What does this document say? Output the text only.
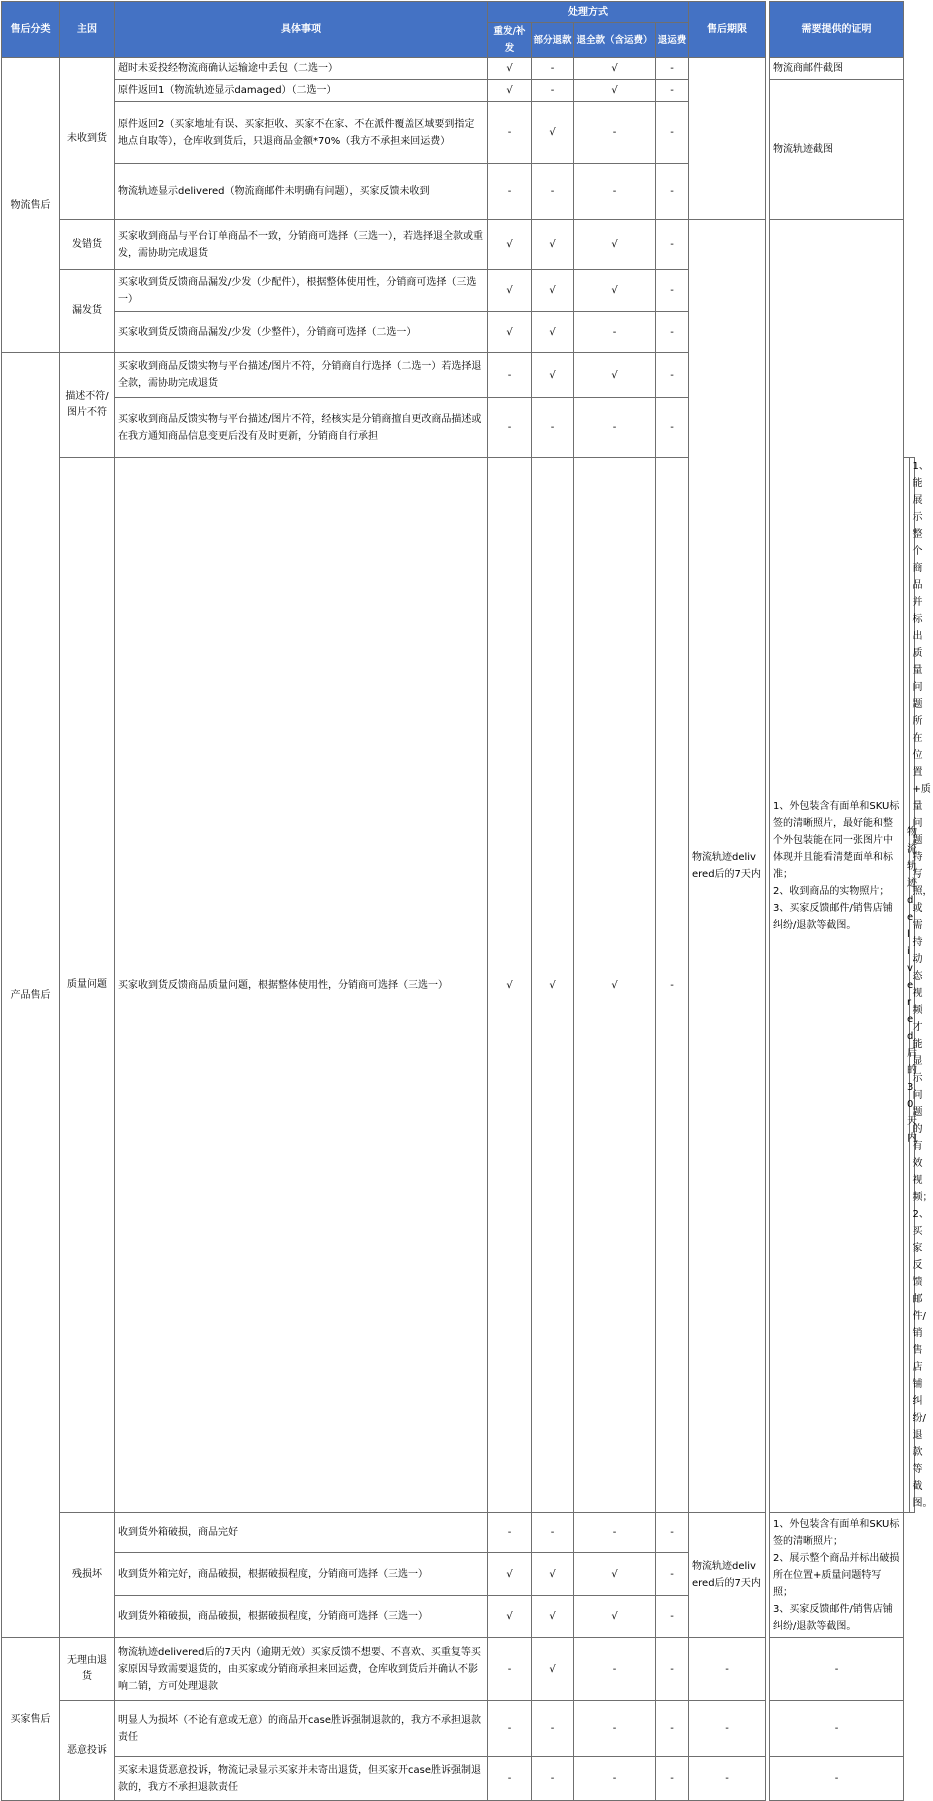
售后分类	主因	具体事项	处理方式				售后期限		需要提供的证明		
			重发/补发	部分退款	退全款（含运费）	退运费					
物流售后	未收到货	超时未妥投经物流商确认运输途中丢包（二选一）	√	-	√	-			物流商邮件截图		
		原件返回1（物流轨迹显示damaged）（二选一）	√	-	√	-			物流轨迹截图		
		原件返回2（买家地址有误、买家拒收、买家不在家、不在派件覆盖区域要到指定地点自取等），仓库收到货后，只退商品金额*70%（我方不承担来回运费）	-	√	-	-					
		物流轨迹显示delivered（物流商邮件未明确有问题），买家反馈未收到	-	-	-	-					
	发错货	买家收到商品与平台订单商品不一致，分销商可选择（三选一），若选择退全款或重发，需协助完成退货	√	√	√	-	物流轨迹delivered后的7天内		1、外包装含有面单和SKU标签的清晰照片，最好能和整个外包装能在同一张图片中体现并且能看清楚面单和标准；
2、收到商品的实物照片；
3、买家反馈邮件/销售店铺纠纷/退款等截图。		
	漏发货	买家收到货反馈商品漏发/少发（少配件），根据整体使用性，分销商可选择（三选一）	√	√	√	-					
		买家收到货反馈商品漏发/少发（少整件），分销商可选择（二选一）	√	√	-	-					
产品售后	描述不符/图片不符	买家收到商品反馈实物与平台描述/图片不符，分销商自行选择（二选一）若选择退全款，需协助完成退货	-	√	√	-					
		买家收到商品反馈实物与平台描述/图片不符，经核实是分销商擅自更改商品描述或在我方通知商品信息变更后没有及时更新，分销商自行承担	-	-	-	-					
	质量问题	买家收到货反馈商品质量问题，根据整体使用性，分销商可选择（三选一）	√	√	√	-				物流轨迹delivered后的30天内	1、能展示整个商品并标出质量问题所在位置+质量问题特写照，或需持动态视频才能显示问题的有效视频；
2、买家反馈邮件/销售店铺纠纷/退款等截图。
	残损坏	收到货外箱破损，商品完好	-	-	-	-	物流轨迹delivered后的7天内		1、外包装含有面单和SKU标签的清晰照片；
2、展示整个商品并标出破损所在位置+质量问题特写照；
3、买家反馈邮件/销售店铺纠纷/退款等截图。		
		收到货外箱完好，商品破损，根据破损程度，分销商可选择（三选一）	√	√	√	-					
		收到货外箱破损，商品破损，根据破损程度，分销商可选择（三选一）	√	√	√	-					
买家售后	无理由退货	物流轨迹delivered后的7天内（逾期无效）买家反馈不想要、不喜欢、买重复等买家原因导致需要退货的，由买家或分销商承担来回运费，仓库收到货后并确认不影响二销，方可处理退款	-	√	-	-	-		-		
	恶意投诉	明显人为损坏（不论有意或无意）的商品开case胜诉强制退款的，我方不承担退款责任	-	-	-	-	-		-		
		买家未退货恶意投诉，物流记录显示买家并未寄出退货，但买家开case胜诉强制退款的，我方不承担退款责任	-	-	-	-	-		-		
